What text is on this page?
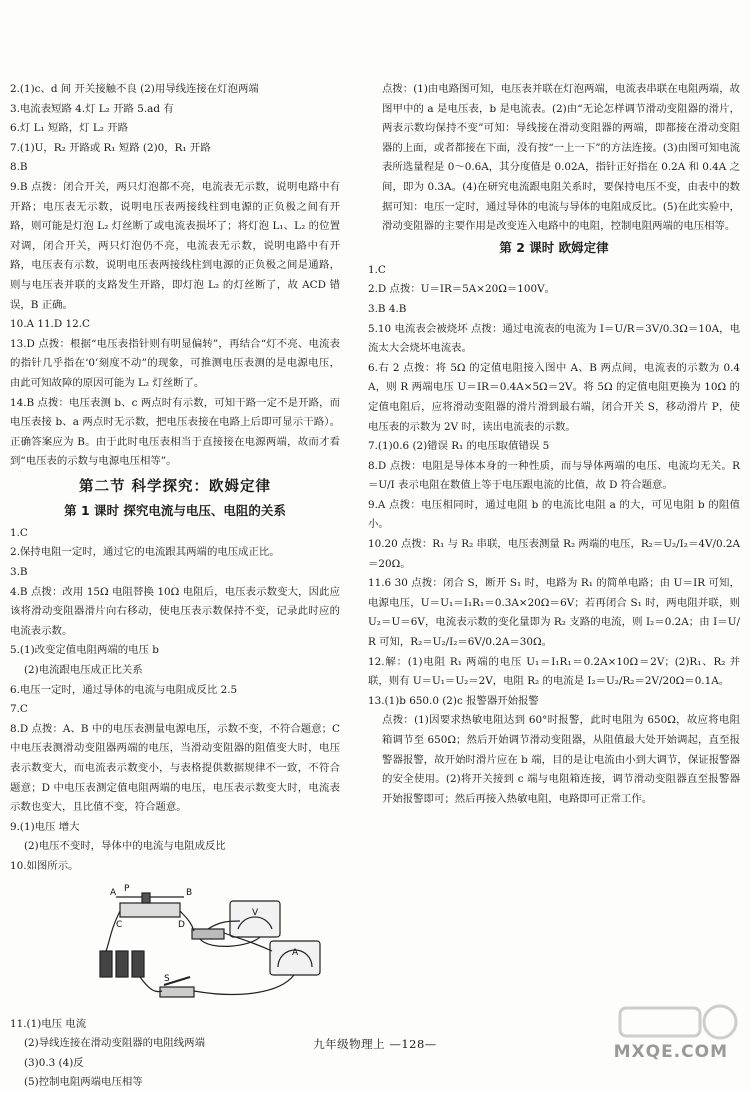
2.(1)c、d 间 开关接触不良 (2)用导线连接在灯泡两端

3.电流表短路 4.灯 L₂ 开路 5.ad 有

6.灯 L₁ 短路，灯 L₂ 开路

7.(1)U，R₂ 开路或 R₁ 短路 (2)0，R₁ 开路

8.B

9.B 点拨：闭合开关，两只灯泡都不亮，电流表无示数，说明电路中有开路；电压表无示数，说明电压表两接线柱到电源的正负极之间有开路，则可能是灯泡 L₂ 灯丝断了或电流表损坏了；将灯泡 L₁、L₂ 的位置对调，闭合开关，两只灯泡仍不亮，电流表无示数，说明电路中有开路，电压表有示数，说明电压表两接线柱到电源的正负极之间是通路，则与电压表并联的支路发生开路，即灯泡 L₂ 的灯丝断了，故 ACD 错误，B 正确。

10.A 11.D 12.C

13.D 点拨：根据“电压表指针则有明显偏转”，再结合“灯不亮、电流表的指针几乎指在‘0’刻度不动”的现象，可推测电压表测的是电源电压，由此可知故障的原因可能为 L₂ 灯丝断了。

14.B 点拨：电压表测 b、c 两点时有示数，可知干路一定不是开路，而电压表接 b、a 两点时无示数，把电压表接在电路上后即可显示干路）。正确答案应为 B。由于此时电压表相当于直接接在电源两端，故而才看到“电压表的示数与电源电压相等”。

第二节 科学探究：欧姆定律
第 1 课时 探究电流与电压、电阻的关系

1.C

2.保持电阻一定时，通过它的电流跟其两端的电压成正比。

3.B

4.B 点拨：改用 15Ω 电阻替换 10Ω 电阻后，电压表示数变大，因此应该将滑动变阻器滑片向右移动，使电压表示数保持不变，记录此时应的电流表示数。

5.(1)改变定值电阻两端的电压 b

(2)电流跟电压成正比关系

6.电压一定时，通过导体的电流与电阻成反比 2.5

7.C

8.D 点拨：A、B 中的电压表测量电源电压，示数不变，不符合题意；C 中电压表测滑动变阻器两端的电压，当滑动变阻器的阻值变大时，电压表示数变大，而电流表示数变小，与表格提供数据规律不一致，不符合题意；D 中电压表测定值电阻两端的电压，电压表示数变大时，电流表示数也变大，且比值不变，符合题意。

9.(1)电压 增大

(2)电压不变时，导体中的电流与电阻成反比

10.如图所示。

A P	B
C	D
S
V
A

11.(1)电压 电流

(2)导线连接在滑动变阻器的电阻线两端

(3)0.3 (4)反

(5)控制电阻两端电压相等

点拨：(1)由电路图可知，电压表并联在灯泡两端，电流表串联在电阻两端，故图甲中的 a 是电压表，b 是电流表。(2)由“无论怎样调节滑动变阻器的滑片，两表示数均保持不变”可知：导线接在滑动变阻器的两端，即都接在滑动变阻器的上面，或者都接在下面，没有按“一上一下”的方法连接。(3)由图可知电流表所选量程是 0～0.6A，其分度值是 0.02A，指针正好指在 0.2A 和 0.4A 之间，即为 0.3A。(4)在研究电流跟电阻关系时，要保持电压不变，由表中的数据可知：电压一定时，通过导体的电流与导体的电阻成反比。(5)在此实验中，滑动变阻器的主要作用是改变连入电路中的电阻，控制电阻两端的电压相等。

第 2 课时 欧姆定律

1.C

2.D 点拨：U＝IR＝5A×20Ω＝100V。

3.B 4.B

5.10 电流表会被烧坏 点拨：通过电流表的电流为 I＝U/R＝3V/0.3Ω＝10A，电流太大会烧坏电流表。

6.右 2 点拨：将 5Ω 的定值电阻接入图中 A、B 两点间，电流表的示数为 0.4A，则 R 两端电压 U＝IR＝0.4A×5Ω＝2V。将 5Ω 的定值电阻更换为 10Ω 的定值电阻后，应将滑动变阻器的滑片滑到最右端，闭合开关 S，移动滑片 P，使电压表的示数为 2V 时，读出电流表的示数。

7.(1)0.6 (2)错误 R₁ 的电压取值错误 5

8.D 点拨：电阻是导体本身的一种性质，而与导体两端的电压、电流均无关。R＝U/I 表示电阻在数值上等于电压跟电流的比值，故 D 符合题意。

9.A 点拨：电压相同时，通过电阻 b 的电流比电阻 a 的大，可见电阻 b 的阻值小。

10.20 点拨：R₁ 与 R₂ 串联，电压表测量 R₂ 两端的电压，R₂＝U₂/I₂＝4V/0.2A＝20Ω。

11.6 30 点拨：闭合 S，断开 S₁ 时，电路为 R₁ 的简单电路；由 U＝IR 可知，电源电压，U＝U₁＝I₁R₁＝0.3A×20Ω＝6V；若再闭合 S₁ 时，两电阻并联，则 U₂＝U＝6V，电流表示数的变化量即为 R₂ 支路的电流，则 I₂＝0.2A；由 I＝U/R 可知，R₂＝U₂/I₂＝6V/0.2A＝30Ω。

12.解：(1)电阻 R₁ 两端的电压 U₁＝I₁R₁＝0.2A×10Ω＝2V；(2)R₁、R₂ 并联，则有 U＝U₁＝U₂＝2V，电阻 R₂ 的电流是 I₂＝U₂/R₂＝2V/20Ω＝0.1A。

13.(1)b 650.0 (2)c 报警器开始报警

点拨：(1)因要求热敏电阻达到 60°时报警，此时电阻为 650Ω，故应将电阻箱调节至 650Ω；然后开始调节滑动变阻器，从阻值最大处开始调起，直至报警器报警，故开始时滑片应在 b 端，目的是让电流由小到大调节，保证报警器的安全使用。(2)将开关接到 c 端与电阻箱连接，调节滑动变阻器直至报警器开始报警即可；然后再接入热敏电阻，电路即可正常工作。

九年级物理上 —128—	MXQE.COM
